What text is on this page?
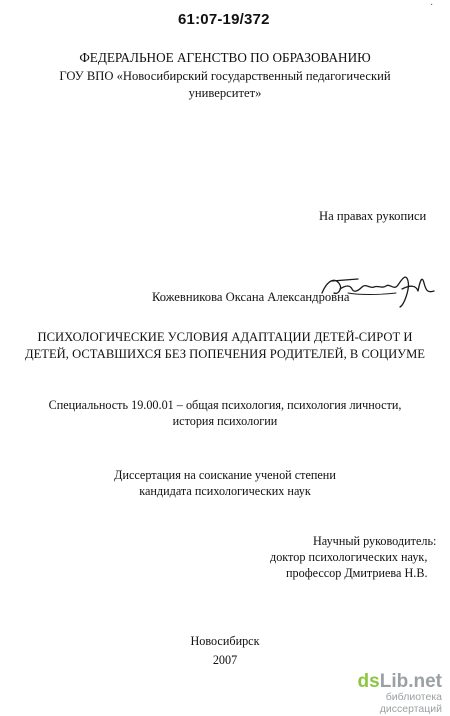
·
61:07-19/372
ФЕДЕРАЛЬНОЕ АГЕНСТВО ПО ОБРАЗОВАНИЮ
ГОУ ВПО «Новосибирский государственный педагогический
университет»
На правах рукописи
Кожевникова Оксана Александровна
ПСИХОЛОГИЧЕСКИЕ УСЛОВИЯ АДАПТАЦИИ ДЕТЕЙ-СИРОТ И
ДЕТЕЙ, ОСТАВШИХСЯ БЕЗ ПОПЕЧЕНИЯ РОДИТЕЛЕЙ, В СОЦИУМЕ
Специальность 19.00.01 – общая психология, психология личности,
история психологии
Диссертация на соискание ученой степени
кандидата психологических наук
Научный руководитель:
доктор психологических наук,
профессор Дмитриева Н.В.
Новосибирск
2007
dsLib.net
библиотека диссертаций
